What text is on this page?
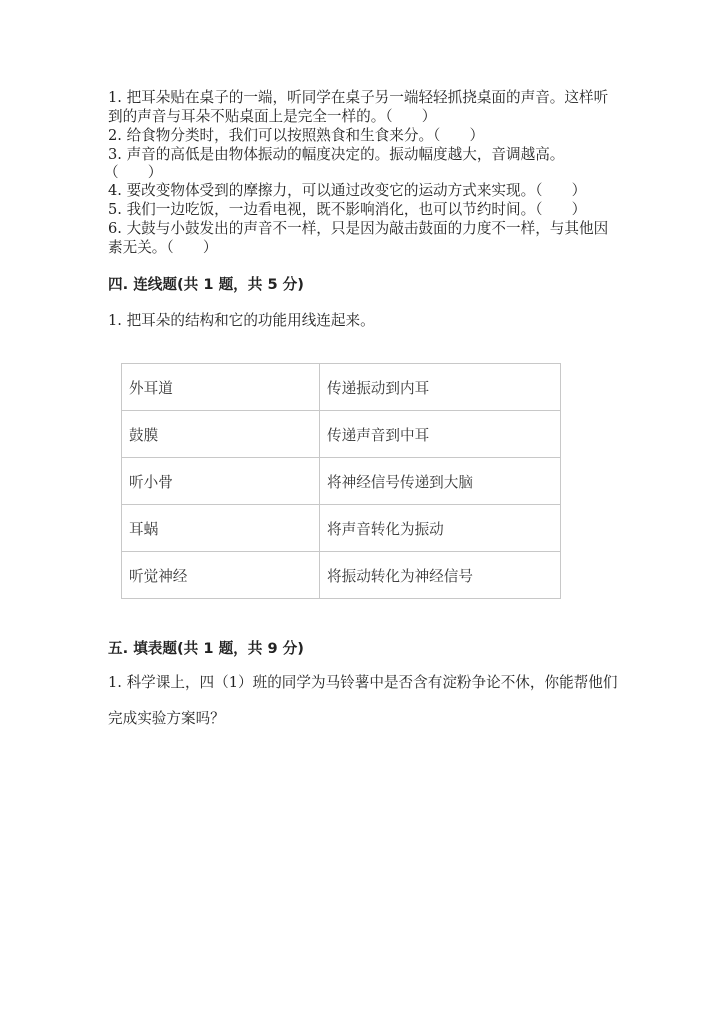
1. 把耳朵贴在桌子的一端，听同学在桌子另一端轻轻抓挠桌面的声音。这样听
到的声音与耳朵不贴桌面上是完全一样的。（　　）
2. 给食物分类时，我们可以按照熟食和生食来分。（　　）
3. 声音的高低是由物体振动的幅度决定的。振动幅度越大，音调越高。
（　　）
4. 要改变物体受到的摩擦力，可以通过改变它的运动方式来实现。（　　）
5. 我们一边吃饭，一边看电视，既不影响消化，也可以节约时间。（　　）
6. 大鼓与小鼓发出的声音不一样，只是因为敲击鼓面的力度不一样，与其他因
素无关。（　　）
四. 连线题(共 1 题，共 5 分)
1. 把耳朵的结构和它的功能用线连起来。
外耳道	传递振动到内耳
鼓膜	传递声音到中耳
听小骨	将神经信号传递到大脑
耳蜗	将声音转化为振动
听觉神经	将振动转化为神经信号
五. 填表题(共 1 题，共 9 分)
1. 科学课上，四（1）班的同学为马铃薯中是否含有淀粉争论不休，你能帮他们
完成实验方案吗？
